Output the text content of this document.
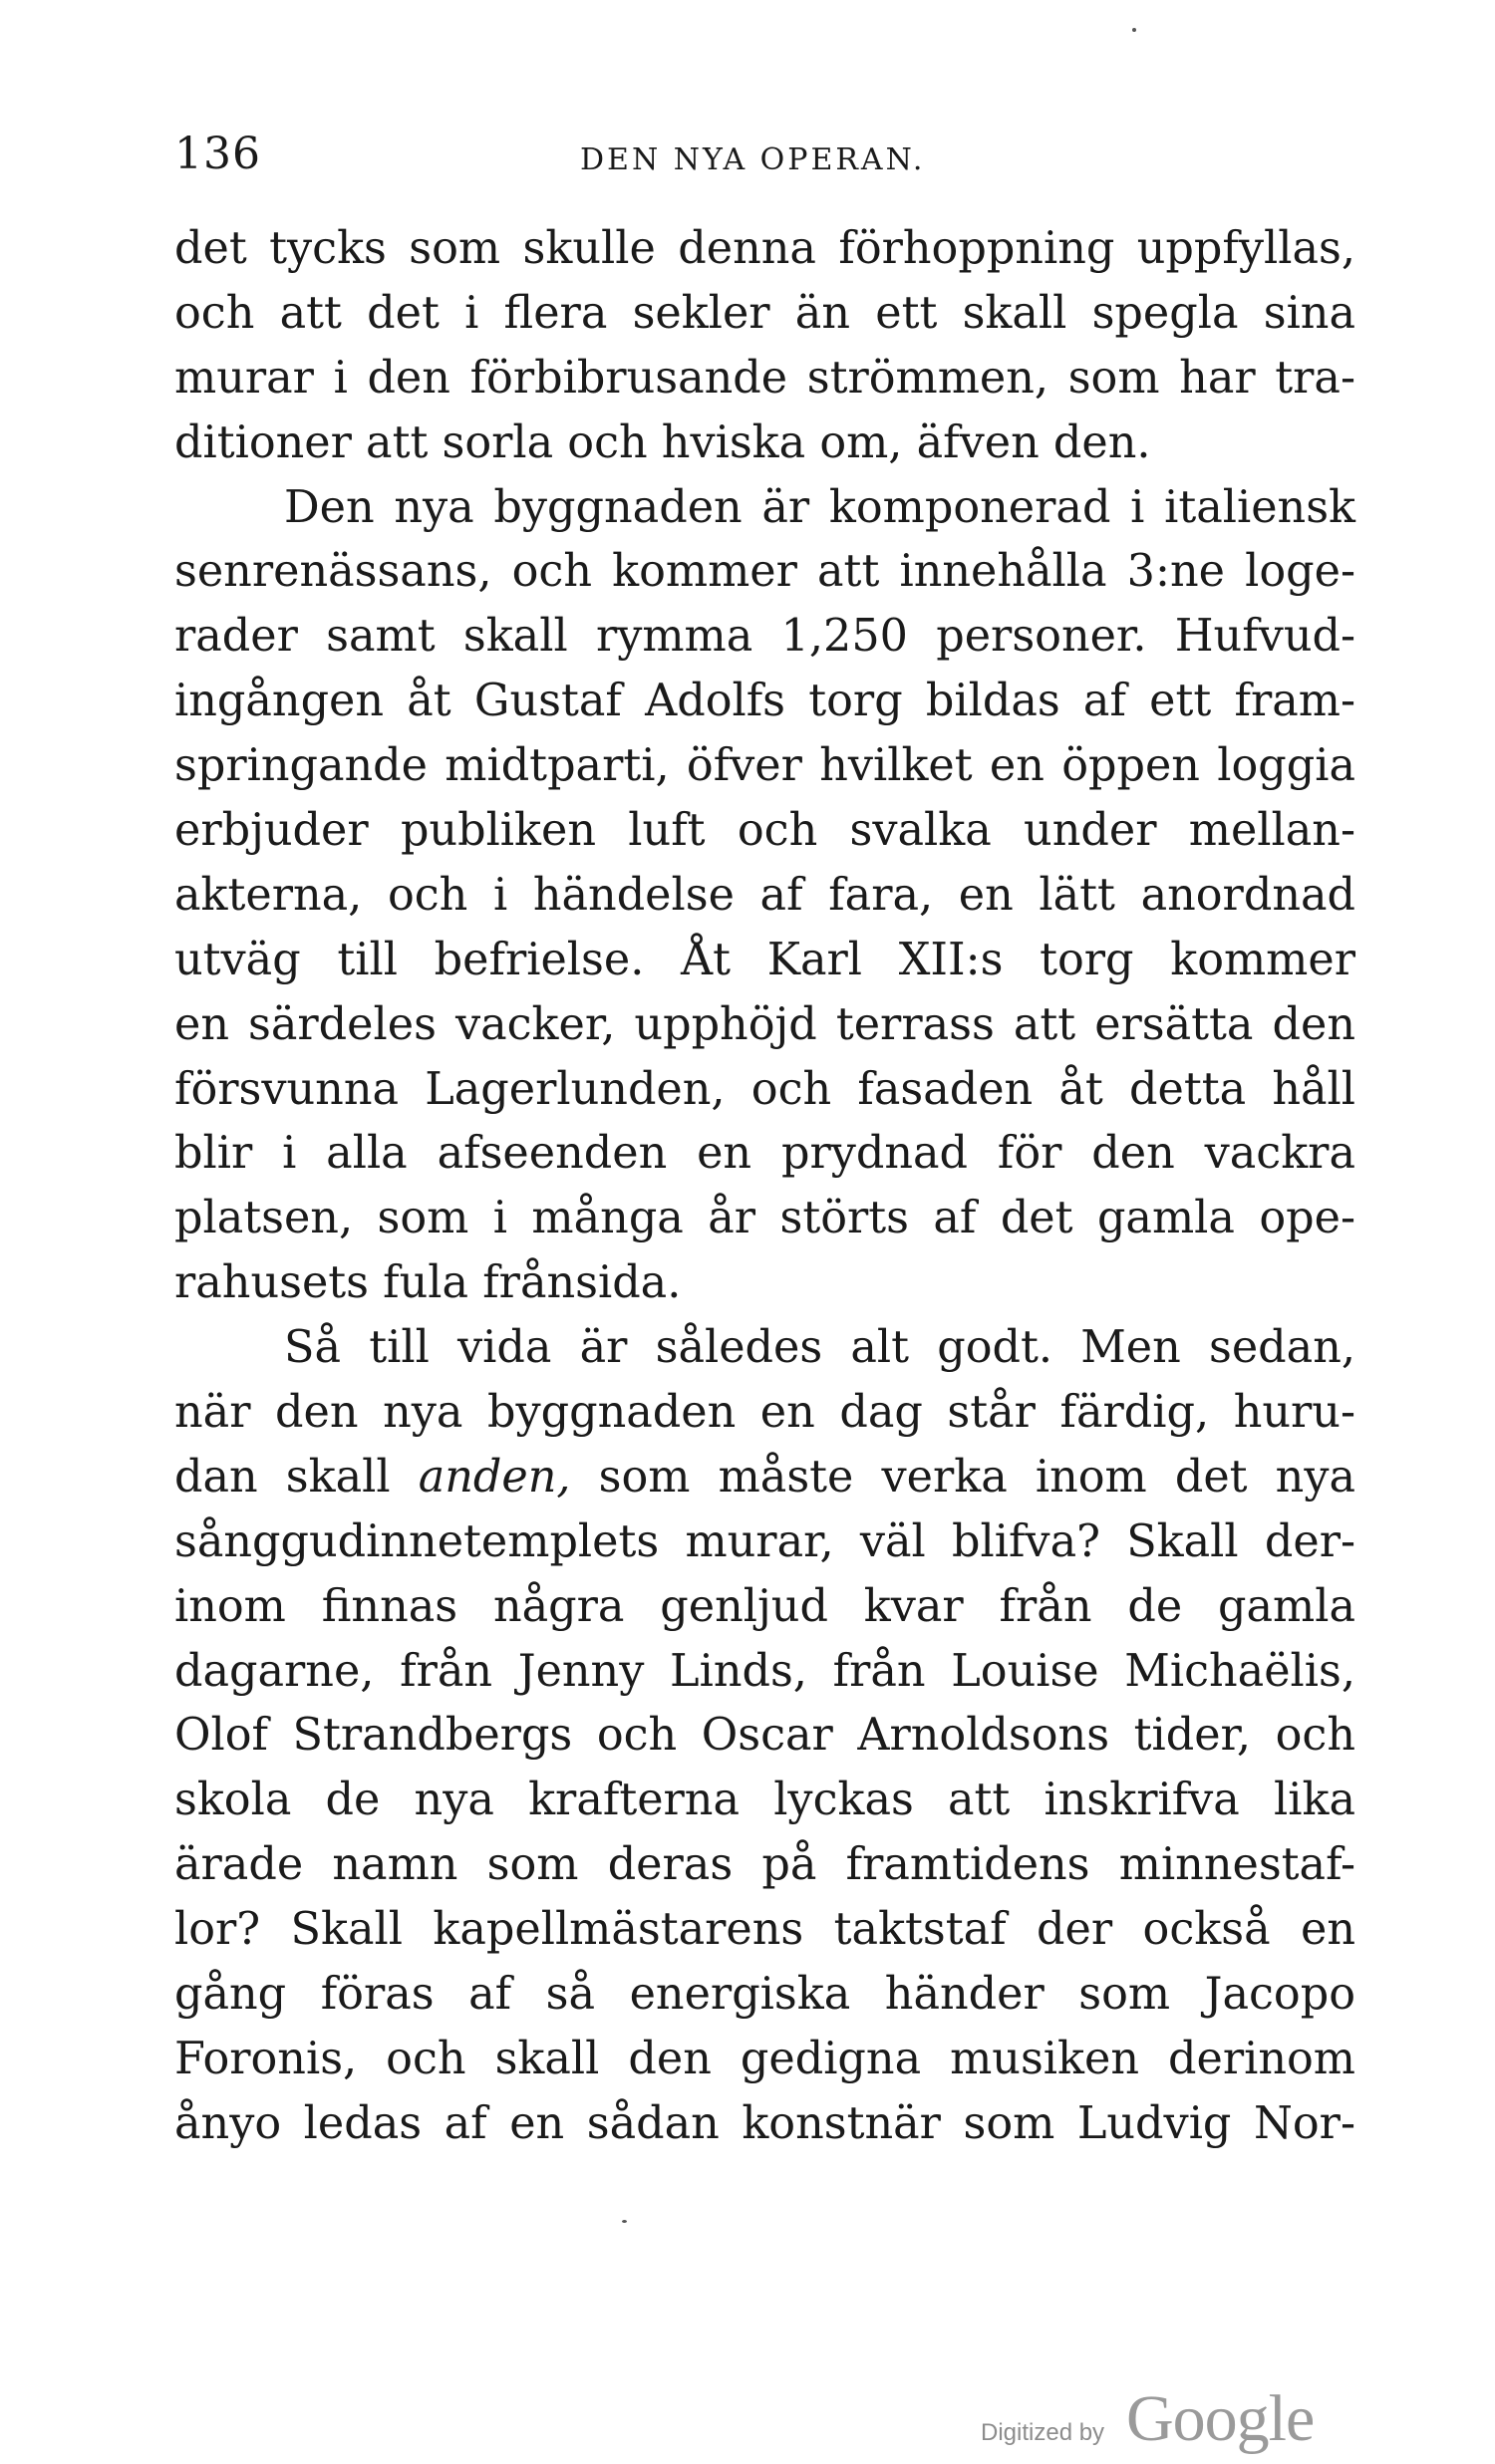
136	DEN NYA OPERAN.
det tycks som skulle denna förhoppning uppfyllas,
och att det i flera sekler än ett skall spegla sina
murar i den förbibrusande strömmen, som har tra-
ditioner att sorla och hviska om, äfven den.
Den nya byggnaden är komponerad i italiensk
senrenässans, och kommer att innehålla 3:ne loge-
rader samt skall rymma 1,250 personer. Hufvud-
ingången åt Gustaf Adolfs torg bildas af ett fram-
springande midtparti, öfver hvilket en öppen loggia
erbjuder publiken luft och svalka under mellan-
akterna, och i händelse af fara, en lätt anordnad
utväg till befrielse. Åt Karl XII:s torg kommer
en särdeles vacker, upphöjd terrass att ersätta den
försvunna Lagerlunden, och fasaden åt detta håll
blir i alla afseenden en prydnad för den vackra
platsen, som i många år störts af det gamla ope-
rahusets fula frånsida.
Så till vida är således alt godt. Men sedan,
när den nya byggnaden en dag står färdig, huru-
dan skall anden, som måste verka inom det nya
sånggudinnetemplets murar, väl blifva? Skall der-
inom finnas några genljud kvar från de gamla
dagarne, från Jenny Linds, från Louise Michaëlis,
Olof Strandbergs och Oscar Arnoldsons tider, och
skola de nya krafterna lyckas att inskrifva lika
ärade namn som deras på framtidens minnestaf-
lor? Skall kapellmästarens taktstaf der också en
gång föras af så energiska händer som Jacopo
Foronis, och skall den gedigna musiken derinom
ånyo ledas af en sådan konstnär som Ludvig Nor-
Digitized by Google
